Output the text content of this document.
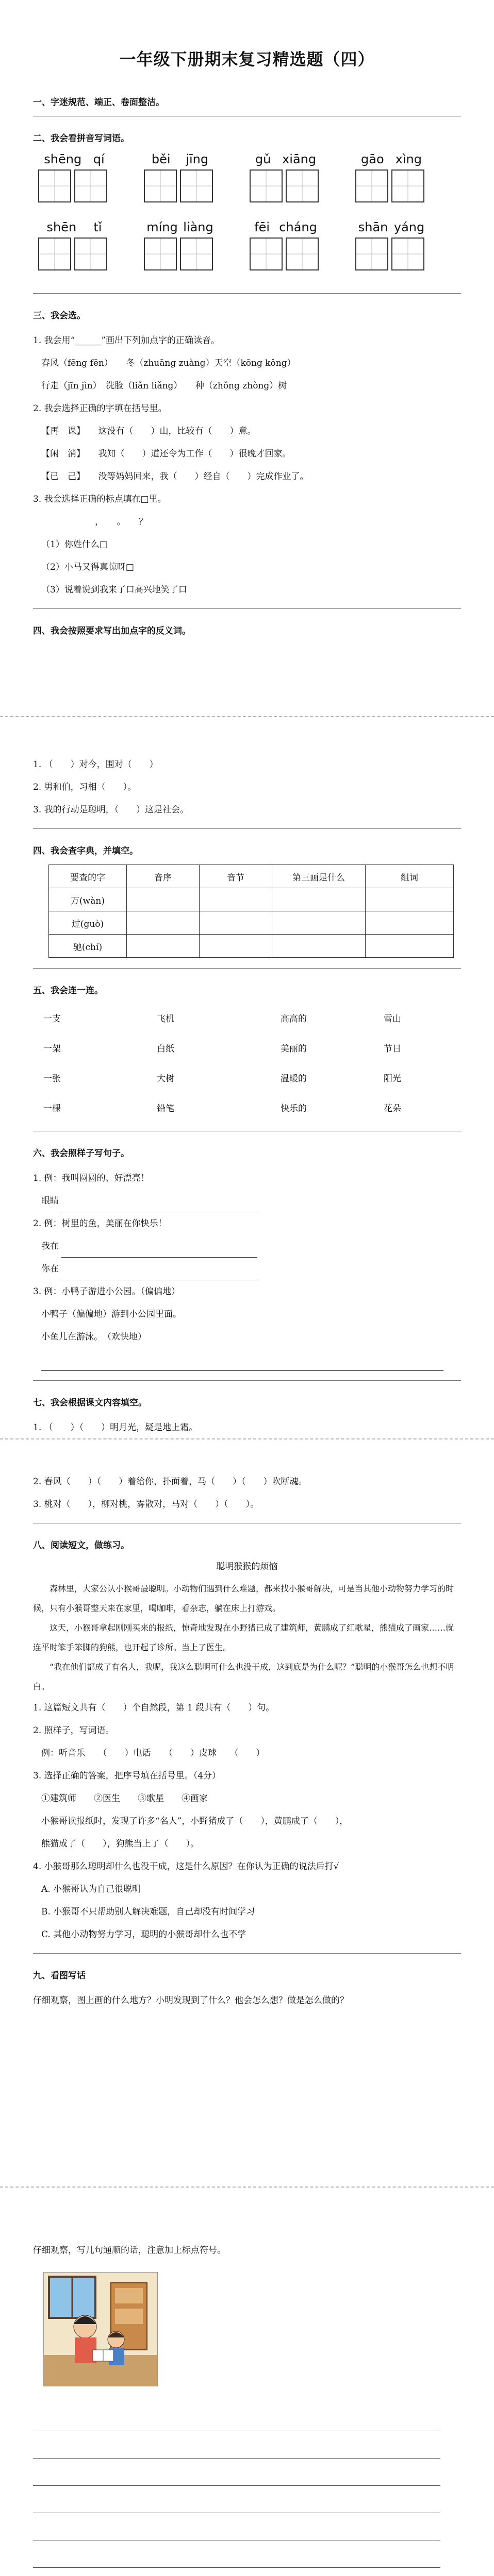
一年级下册期末复习精选题（四）
一、字迷规范、端正、卷面整洁。
二、我会看拼音写词语。
shēng qí	běi jīng	gǔ xiāng	gāo xìng
shēn tǐ	míng liàng	fēi cháng	shān yáng
三、我会选。
1. 我会用“______”画出下列加点字的正确读音。
春风（fēng fēn）　　冬（zhuāng zuàng）天空（kōng kǒng）
行走（jīn jìn）　洗脸（liǎn liǎng）　　种（zhǒng zhòng）树
2. 我会选择正确的字填在括号里。
【再　课】　　这没有（　　）山，比较有（　　）意。
【闲　消】　　我知（　　）道还令为工作（　　）很晚才回家。
【已　己】　　没等妈妈回来，我（　　）经自（　　）完成作业了。
3. 我会选择正确的标点填在□里。
，　　。　　？
（1）你姓什么□
（2）小马又得真惊呀□
（3）说着说到我来了口高兴地笑了口
四、我会按照要求写出加点字的反义词。
1. （　　）对今，围对（　　）
2. 男和伯，习相（　　）。
3. 我的行动是聪明，（　　）这是社会。
四、我会查字典，并填空。
要查的字	音序	音节	第三画是什么	组词
万(wàn)				
过(guò)				
驰(chí)				
五、我会连一连。
一支	飞机	高高的	雪山
一架	白纸	美丽的	节日
一张	大树	温暖的	阳光
一棵	铅笔	快乐的	花朵
六、我会照样子写句子。
1. 例：我叫圆圆的、好漂亮！
眼睛
2. 例：树里的鱼，美丽在你快乐！
我在
你在
3. 例：小鸭子游进小公园。（偏偏地）
小鸭子（偏偏地）游到小公园里面。
小鱼儿在游泳。　（欢快地）
七、我会根据课文内容填空。
1. （　　）（　　）明月光，疑是地上霜。
2. 春风（　　）（　　）着给你，扑面着，马（　　）（　　）吹断魂。
3. 桃对（　　），柳对桃，雾散对，马对（　　）（　　）。
八、阅读短文，做练习。
聪明猴猴的烦恼

森林里，大家公认小猴哥最聪明。小动物们遇到什么难题，都来找小猴哥解决，可是当其他小动物努力学习的时候，只有小猴哥整天来在家里，喝咖啡，看杂志，躺在床上打游戏。

这天，小猴哥拿起刚刚买来的报纸，惊奇地发现在小野猪已成了建筑师，黄鹏成了红歌星，熊猫成了画家……就连平时笨手笨脚的狗熊，也开起了诊所。当上了医生。

“我在他们都成了有名人，我呢，我这么聪明可什么也没干成，这到底是为什么呢？”聪明的小猴哥怎么也想不明白。

1. 这篇短文共有（　　）个自然段，第 1 段共有（　　）句。
2. 照样子，写词语。
例：听音乐　　（　　）电话　　（　　）皮球　　（　　）
3. 选择正确的答案，把序号填在括号里。（4分）
①建筑师　　②医生　　③歌星　　④画家
小猴哥读报纸时，发现了许多“名人”，小野猪成了（　　），黄鹏成了（　　），
熊猫成了（　　），狗熊当上了（　　）。
4. 小猴哥那么聪明却什么也没干成，这是什么原因？在你认为正确的说法后打√
A. 小猴哥认为自己很聪明
B. 小猴哥不只帮助别人解决难题，自己却没有时间学习
C. 其他小动物努力学习，聪明的小猴哥却什么也不学
九、看图写话
仔细观察，图上画的什么地方？小明发现到了什么？他会怎么想？做是怎么做的？
仔细观察，写几句通顺的话，注意加上标点符号。
